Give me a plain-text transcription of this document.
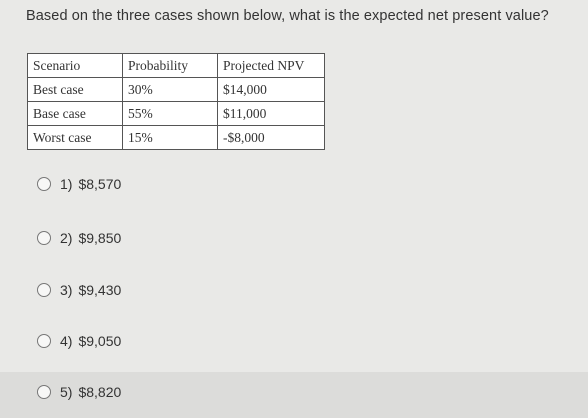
Based on the three cases shown below, what is the expected net present value?
Scenario	Probability	Projected NPV
Best case	30%	$14,000
Base case	55%	$11,000
Worst case	15%	-$8,000
1) $8,570
2) $9,850
3) $9,430
4) $9,050
5) $8,820
